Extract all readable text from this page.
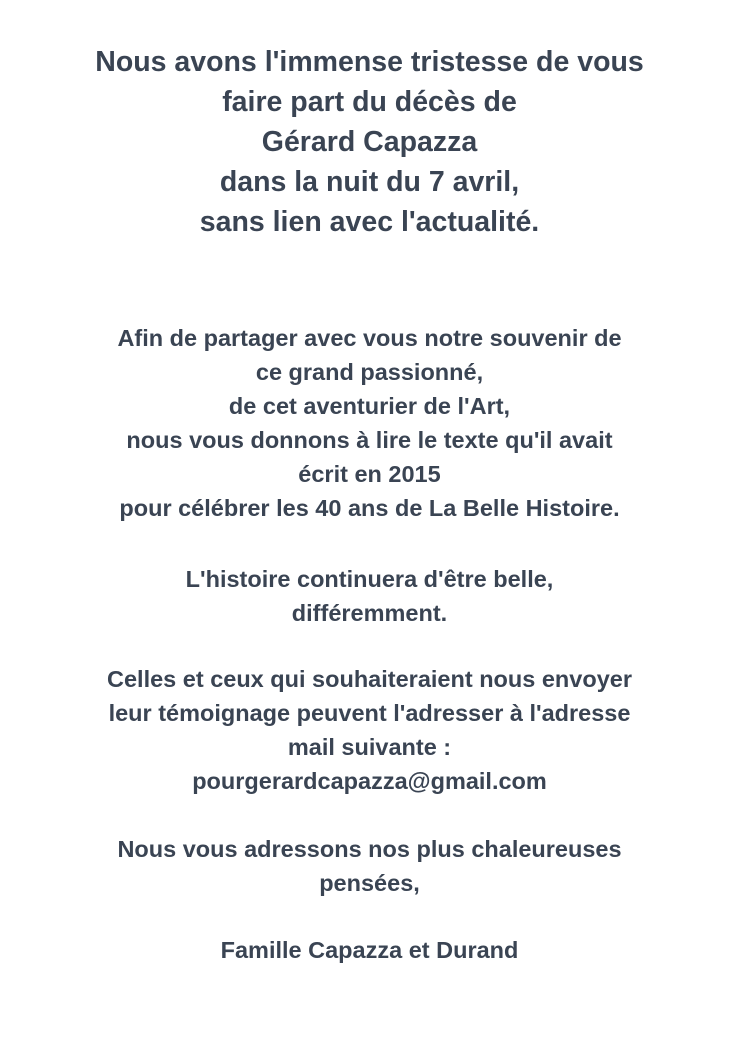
Nous avons l'immense tristesse de vous
faire part du décès de
Gérard Capazza
dans la nuit du 7 avril,
sans lien avec l'actualité.
Afin de partager avec vous notre souvenir de
ce grand passionné,
de cet aventurier de l'Art,
nous vous donnons à lire le texte qu'il avait
écrit en 2015
pour célébrer les 40 ans de La Belle Histoire.
L'histoire continuera d'être belle,
différemment.
Celles et ceux qui souhaiteraient nous envoyer
leur témoignage peuvent l'adresser à l'adresse
mail suivante :
pourgerardcapazza@gmail.com
Nous vous adressons nos plus chaleureuses
pensées,
Famille Capazza et Durand
